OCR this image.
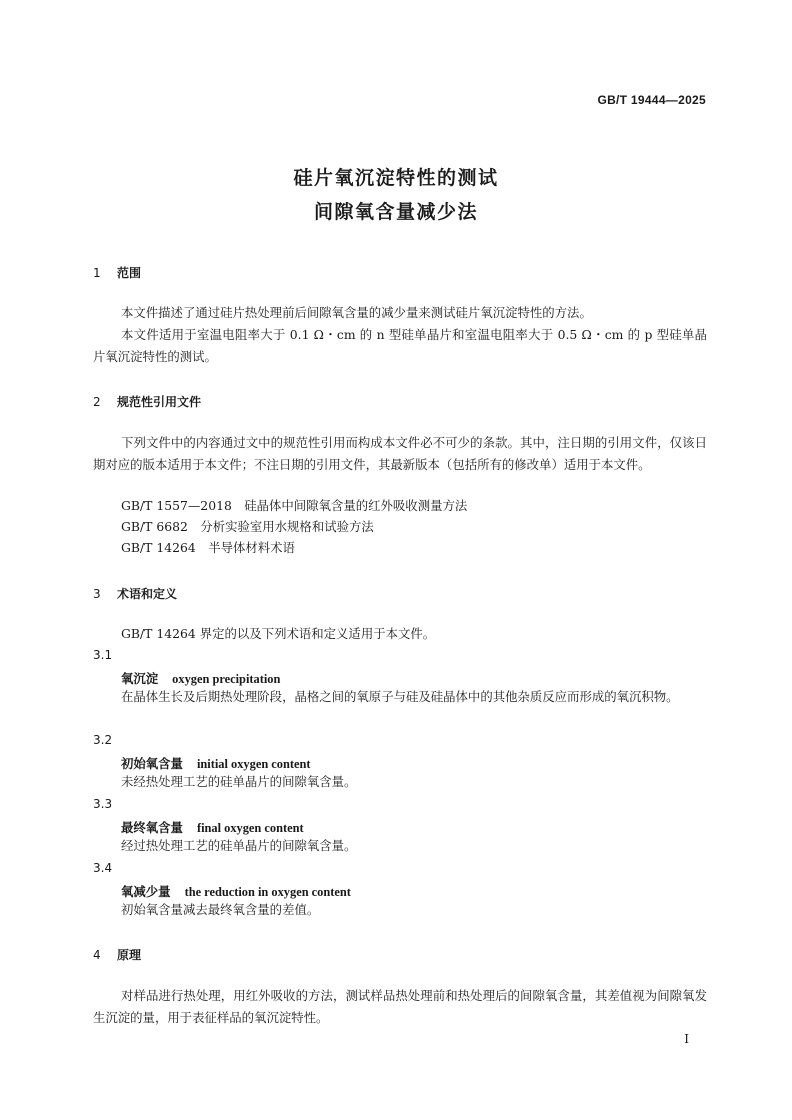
GB/T 19444—2025
硅片氧沉淀特性的测试
间隙氧含量减少法
1 范围
本文件描述了通过硅片热处理前后间隙氧含量的减少量来测试硅片氧沉淀特性的方法。
本文件适用于室温电阻率大于 0.1 Ω・cm 的 n 型硅单晶片和室温电阻率大于 0.5 Ω・cm 的 p 型硅单晶片氧沉淀特性的测试。
2 规范性引用文件
下列文件中的内容通过文中的规范性引用而构成本文件必不可少的条款。其中，注日期的引用文件，仅该日期对应的版本适用于本文件；不注日期的引用文件，其最新版本（包括所有的修改单）适用于本文件。
GB/T 1557—2018　硅晶体中间隙氧含量的红外吸收测量方法
GB/T 6682　分析实验室用水规格和试验方法
GB/T 14264　半导体材料术语
3 术语和定义
GB/T 14264 界定的以及下列术语和定义适用于本文件。
3.1
氧沉淀 oxygen precipitation
在晶体生长及后期热处理阶段，晶格之间的氧原子与硅及硅晶体中的其他杂质反应而形成的氧沉积物。
3.2
初始氧含量 initial oxygen content
未经热处理工艺的硅单晶片的间隙氧含量。
3.3
最终氧含量 final oxygen content
经过热处理工艺的硅单晶片的间隙氧含量。
3.4
氧减少量 the reduction in oxygen content
初始氧含量减去最终氧含量的差值。
4 原理
对样品进行热处理，用红外吸收的方法，测试样品热处理前和热处理后的间隙氧含量，其差值视为间隙氧发生沉淀的量，用于表征样品的氧沉淀特性。
I
